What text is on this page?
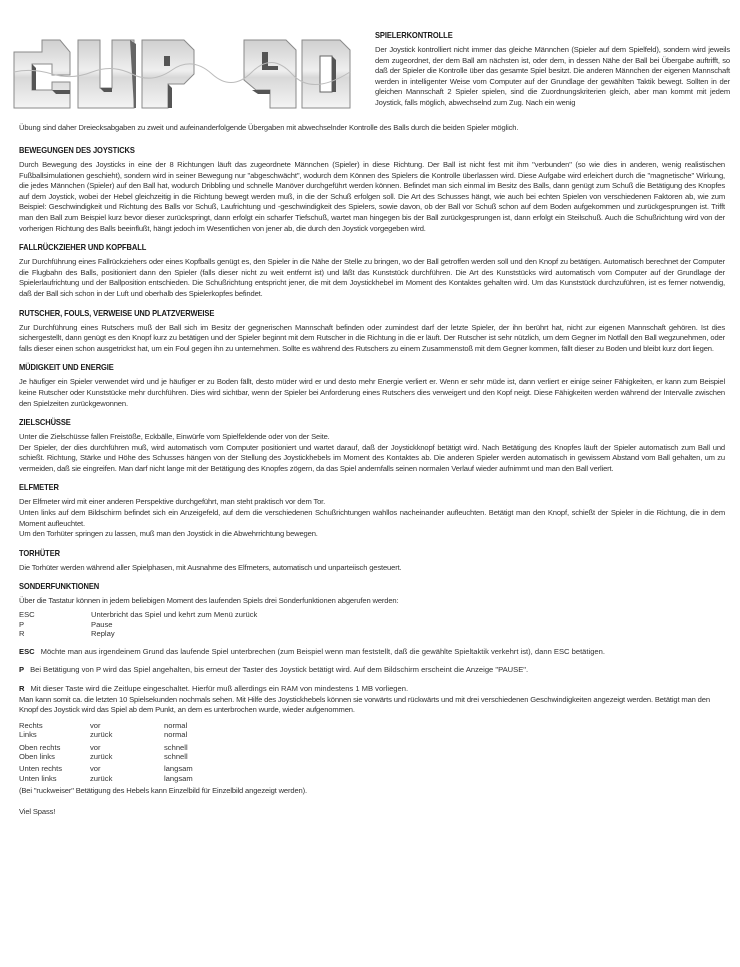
SPIELERKONTROLLE

Der Joystick kontrolliert nicht immer das gleiche Männchen (Spieler auf dem Spielfeld), sondern wird jeweils dem zugeordnet, der dem Ball am nächsten ist, oder dem, in dessen Nähe der Ball bei Übergabe auftrifft, so daß der Spieler die Kontrolle über das gesamte Spiel besitzt. Die anderen Männchen der eigenen Mannschaft werden in intelligenter Weise vom Computer auf der Grundlage der gewählten Taktik bewegt. Sollten in der gleichen Mannschaft 2 Spieler spielen, sind die Zuordnungskriterien gleich, aber man kommt mit jedem Joystick, falls möglich, abwechselnd zum Zug. Nach ein wenig

Übung sind daher Dreiecksabgaben zu zweit und aufeinanderfolgende Übergaben mit abwechselnder Kontrolle des Balls durch die beiden Spieler möglich.

BEWEGUNGEN DES JOYSTICKS

Durch Bewegung des Joysticks in eine der 8 Richtungen läuft das zugeordnete Männchen (Spieler) in diese Richtung. Der Ball ist nicht fest mit ihm "verbunden" (so wie dies in anderen, wenig realistischen Fußballsimulationen geschieht), sondern wird in seiner Bewegung nur "abgeschwächt", wodurch dem Können des Spielers die Kontrolle überlassen wird. Diese Aufgabe wird erleichert durch die "magnetische" Wirkung, die jedes Männchen (Spieler) auf den Ball hat, wodurch Dribbling und schnelle Manöver durchgeführt werden können. Befindet man sich einmal im Besitz des Balls, dann genügt zum Schuß die Betätigung des Knopfes auf dem Joystick, wobei der Hebel gleichzeitig in die Richtung bewegt werden muß, in die der Schuß erfolgen soll. Die Art des Schusses hängt, wie auch bei echten Spielen von verschiedenen Faktoren ab, wie zum Beispiel: Geschwindigkeit und Richtung des Balls vor Schuß, Laufrichtung und -geschwindigkeit des Spielers, sowie davon, ob der Ball vor Schuß schon auf dem Boden aufgekommen und zurückgesprungen ist. Trifft man den Ball zum Beispiel kurz bevor dieser zurückspringt, dann erfolgt ein scharfer Tiefschuß, wartet man hingegen bis der Ball zurückgesprungen ist, dann erfolgt ein Steilschuß. Auch die Schußrichtung wird von der vorherigen Richtung des Balls beeinflußt, hängt jedoch im Wesentlichen von jener ab, die durch den Joystick vorgegeben wird.

FALLRÜCKZIEHER UND KOPFBALL

Zur Durchführung eines Fallrückziehers oder eines Kopfballs genügt es, den Spieler in die Nähe der Stelle zu bringen, wo der Ball getroffen werden soll und den Knopf zu betätigen. Automatisch berechnet der Computer die Flugbahn des Balls, positioniert dann den Spieler (falls dieser nicht zu weit entfernt ist) und läßt das Kunststück durchführen. Die Art des Kunststücks wird automatisch vom Computer auf der Grundlage der Spielerlaufrichtung und der Ballposition entschieden. Die Schußrichtung entspricht jener, die mit dem Joystickhebel im Moment des Kontaktes gehalten wird. Um das Kunststück durchzuführen, ist es ferner notwendig, daß der Ball sich schon in der Luft und oberhalb des Spielerkopfes befindet.

RUTSCHER, FOULS, VERWEISE UND PLATZVERWEISE

Zur Durchführung eines Rutschers muß der Ball sich im Besitz der gegnerischen Mannschaft befinden oder zumindest darf der letzte Spieler, der ihn berührt hat, nicht zur eigenen Mannschaft gehören. Ist dies sichergestellt, dann genügt es den Knopf kurz zu betätigen und der Spieler beginnt mit dem Rutscher in die Richtung in die er läuft. Der Rutscher ist sehr nützlich, um dem Gegner im Notfall den Ball wegzunehmen, oder falls dieser einen schon ausgetrickst hat, um ein Foul gegen ihn zu unternehmen. Sollte es während des Rutschers zu einem Zusammenstoß mit dem Gegner kommen, fällt dieser zu Boden und bleibt kurz dort liegen.

MÜDIGKEIT UND ENERGIE

Je häufiger ein Spieler verwendet wird und je häufiger er zu Boden fällt, desto müder wird er und desto mehr Energie verliert er. Wenn er sehr müde ist, dann verliert er einige seiner Fähigkeiten, er kann zum Beispiel keine Rutscher oder Kunststücke mehr durchführen. Dies wird sichtbar, wenn der Spieler bei Anforderung eines Rutschers dies verweigert und den Kopf neigt. Diese Fähigkeiten werden während der Intervalle zwischen den Spielzeiten zurückgewonnen.

ZIELSCHÜSSE

Unter die Zielschüsse fallen Freistöße, Eckbälle, Einwürfe vom Spielfeldende oder von der Seite.

Der Spieler, der dies durchführen muß, wird automatisch vom Computer positioniert und wartet darauf, daß der Joystickknopf betätigt wird. Nach Betätigung des Knopfes läuft der Spieler automatisch zum Ball und schießt. Richtung, Stärke und Höhe des Schusses hängen von der Stellung des Joystickhebels im Moment des Kontaktes ab. Die anderen Spieler werden automatisch in gewissem Abstand vom Ball gehalten, um zu vermeiden, daß sie eingreifen. Man darf nicht lange mit der Betätigung des Knopfes zögern, da das Spiel andernfalls seinen normalen Verlauf wieder aufnimmt und man den Ball verliert.

ELFMETER

Der Elfmeter wird mit einer anderen Perspektive durchgeführt, man steht praktisch vor dem Tor.

Unten links auf dem Bildschirm befindet sich ein Anzeigefeld, auf dem die verschiedenen Schußrichtungen wahllos nacheinander aufleuchten. Betätigt man den Knopf, schießt der Spieler in die Richtung, die in dem Moment aufleuchtet.

Um den Torhüter springen zu lassen, muß man den Joystick in die Abwehrrichtung bewegen.

TORHÜTER

Die Torhüter werden während aller Spielphasen, mit Ausnahme des Elfmeters, automatisch und unparteiisch gesteuert.

SONDERFUNKTIONEN

Über die Tastatur können in jedem beliebigen Moment des laufenden Spiels drei Sonderfunktionen abgerufen werden:

ESC	Unterbricht das Spiel und kehrt zum Menü zurück
P	Pause
R	Replay

ESC Möchte man aus irgendeinem Grund das laufende Spiel unterbrechen (zum Beispiel wenn man feststellt, daß die gewählte Spieltaktik verkehrt ist), dann ESC betätigen.

P Bei Betätigung von P wird das Spiel angehalten, bis erneut der Taster des Joystick betätigt wird. Auf dem Bildschirm erscheint die Anzeige "PAUSE".

R Mit dieser Taste wird die Zeitlupe eingeschaltet. Hierfür muß allerdings ein RAM von mindestens 1 MB vorliegen.

Man kann somit ca. die letzten 10 Spielsekunden nochmals sehen. Mit Hilfe des Joystickhebels können sie vorwärts und rückwärts und mit drei verschiedenen Geschwindigkeiten angezeigt werden. Betätigt man den Knopf des Joystick wird das Spiel ab dem Punkt, an dem es unterbrochen wurde, wieder aufgenommen.

Rechts	vor	normal
Links	zurück	normal
Oben rechts	vor	schnell
Oben links	zurück	schnell
Unten rechts	vor	langsam
Unten links	zurück	langsam

(Bei "ruckweiser" Betätigung des Hebels kann Einzelbild für Einzelbild angezeigt werden).

Viel Spass!
